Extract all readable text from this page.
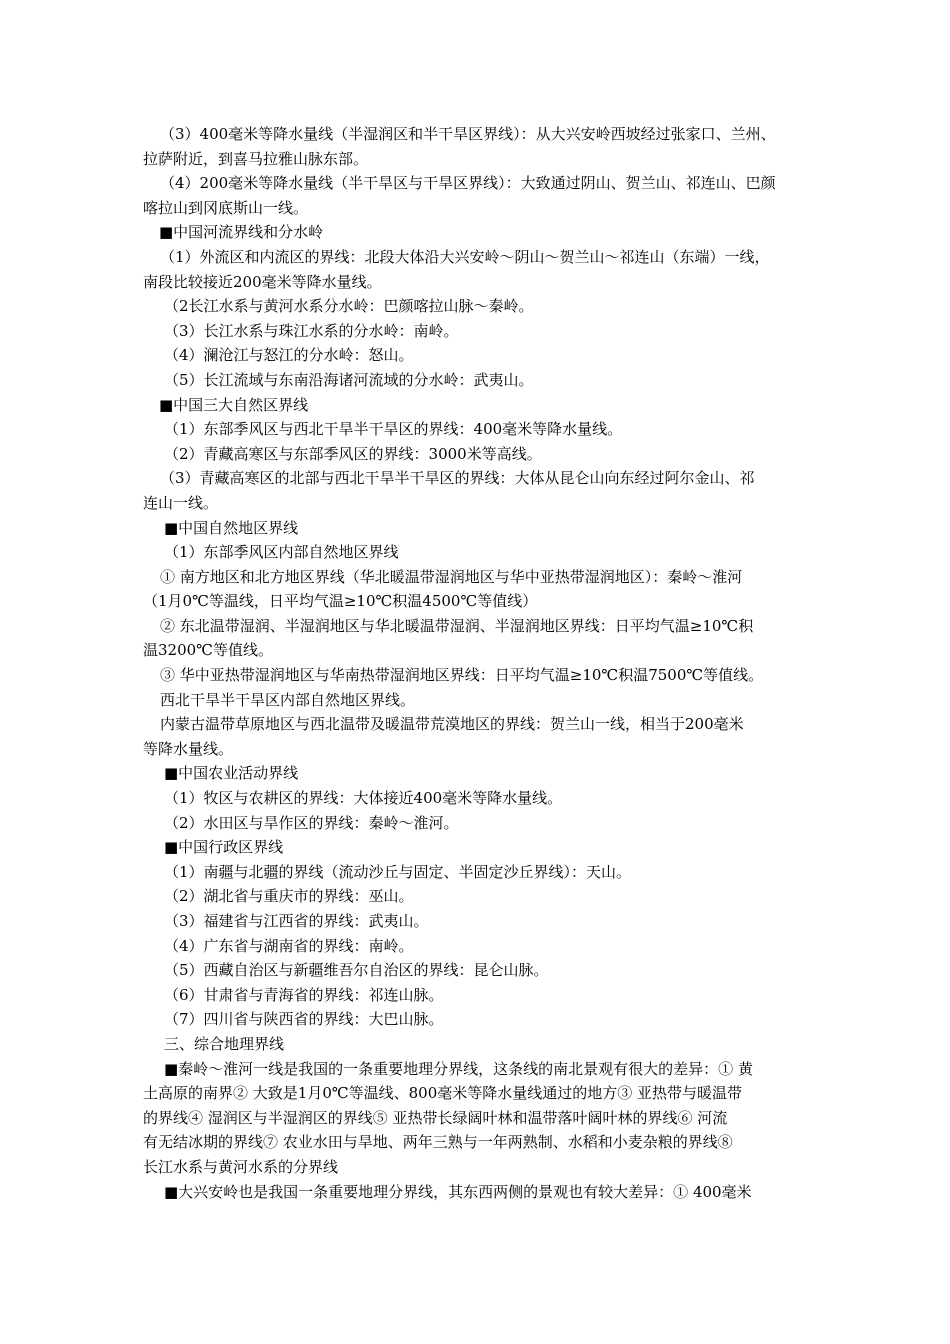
（3）400毫米等降水量线（半湿润区和半干旱区界线）：从大兴安岭西坡经过张家口、兰州、
拉萨附近，到喜马拉雅山脉东部。
（4）200毫米等降水量线（半干旱区与干旱区界线）：大致通过阴山、贺兰山、祁连山、巴颜
喀拉山到冈底斯山一线。
■中国河流界线和分水岭
（1）外流区和内流区的界线：北段大体沿大兴安岭～阴山～贺兰山～祁连山（东端）一线，
南段比较接近200毫米等降水量线。
（2长江水系与黄河水系分水岭：巴颜喀拉山脉～秦岭。
（3）长江水系与珠江水系的分水岭：南岭。
（4）澜沧江与怒江的分水岭：怒山。
（5）长江流域与东南沿海诸河流域的分水岭：武夷山。
■中国三大自然区界线
（1）东部季风区与西北干旱半干旱区的界线：400毫米等降水量线。
（2）青藏高寒区与东部季风区的界线：3000米等高线。
（3）青藏高寒区的北部与西北干旱半干旱区的界线：大体从昆仑山向东经过阿尔金山、祁
连山一线。
■中国自然地区界线
（1）东部季风区内部自然地区界线
① 南方地区和北方地区界线（华北暖温带湿润地区与华中亚热带湿润地区）：秦岭～淮河
（1月0℃等温线，日平均气温≥10℃积温4500℃等值线）
② 东北温带湿润、半湿润地区与华北暖温带湿润、半湿润地区界线：日平均气温≥10℃积
温3200℃等值线。
③ 华中亚热带湿润地区与华南热带湿润地区界线：日平均气温≥10℃积温7500℃等值线。
西北干旱半干旱区内部自然地区界线。
内蒙古温带草原地区与西北温带及暖温带荒漠地区的界线：贺兰山一线，相当于200毫米
等降水量线。
■中国农业活动界线
（1）牧区与农耕区的界线：大体接近400毫米等降水量线。
（2）水田区与旱作区的界线：秦岭～淮河。
■中国行政区界线
（1）南疆与北疆的界线（流动沙丘与固定、半固定沙丘界线）：天山。
（2）湖北省与重庆市的界线：巫山。
（3）福建省与江西省的界线：武夷山。
（4）广东省与湖南省的界线：南岭。
（5）西藏自治区与新疆维吾尔自治区的界线：昆仑山脉。
（6）甘肃省与青海省的界线：祁连山脉。
（7）四川省与陕西省的界线：大巴山脉。
三、综合地理界线
■秦岭～淮河一线是我国的一条重要地理分界线，这条线的南北景观有很大的差异：① 黄
土高原的南界② 大致是1月0℃等温线、800毫米等降水量线通过的地方③ 亚热带与暖温带
的界线④ 湿润区与半湿润区的界线⑤ 亚热带长绿阔叶林和温带落叶阔叶林的界线⑥ 河流
有无结冰期的界线⑦ 农业水田与旱地、两年三熟与一年两熟制、水稻和小麦杂粮的界线⑧
长江水系与黄河水系的分界线
■大兴安岭也是我国一条重要地理分界线，其东西两侧的景观也有较大差异：① 400毫米
